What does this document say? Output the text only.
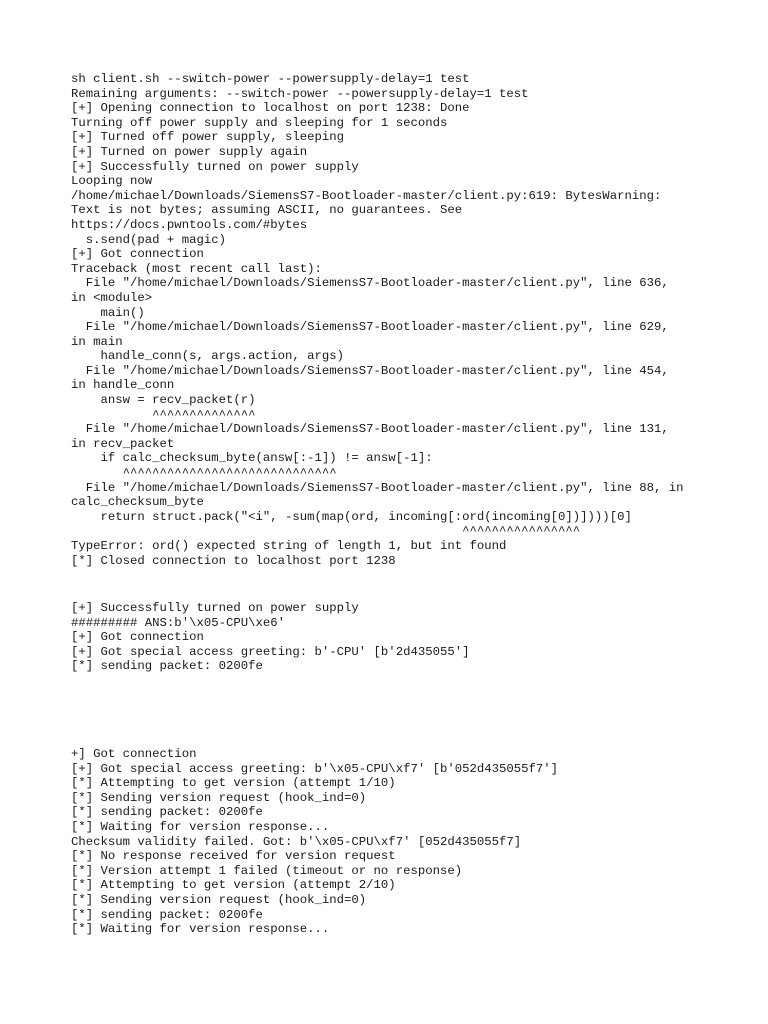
sh client.sh --switch-power --powersupply-delay=1 test
Remaining arguments: --switch-power --powersupply-delay=1 test
[+] Opening connection to localhost on port 1238: Done
Turning off power supply and sleeping for 1 seconds
[+] Turned off power supply, sleeping
[+] Turned on power supply again
[+] Successfully turned on power supply
Looping now
/home/michael/Downloads/SiemensS7-Bootloader-master/client.py:619: BytesWarning:
Text is not bytes; assuming ASCII, no guarantees. See
https://docs.pwntools.com/#bytes
s.send(pad + magic)
[+] Got connection
Traceback (most recent call last):
File "/home/michael/Downloads/SiemensS7-Bootloader-master/client.py", line 636,
in <module>
main()
File "/home/michael/Downloads/SiemensS7-Bootloader-master/client.py", line 629,
in main
handle_conn(s, args.action, args)
File "/home/michael/Downloads/SiemensS7-Bootloader-master/client.py", line 454,
in handle_conn
answ = recv_packet(r)
^^^^^^^^^^^^^^
File "/home/michael/Downloads/SiemensS7-Bootloader-master/client.py", line 131,
in recv_packet
if calc_checksum_byte(answ[:-1]) != answ[-1]:
^^^^^^^^^^^^^^^^^^^^^^^^^^^^^
File "/home/michael/Downloads/SiemensS7-Bootloader-master/client.py", line 88, in
calc_checksum_byte
return struct.pack("<i", -sum(map(ord, incoming[:ord(incoming[0])])))[0]
^^^^^^^^^^^^^^^^
TypeError: ord() expected string of length 1, but int found
[*] Closed connection to localhost port 1238
[+] Successfully turned on power supply
######### ANS:b'\x05-CPU\xe6'
[+] Got connection
[+] Got special access greeting: b'-CPU' [b'2d435055']
[*] sending packet: 0200fe
+] Got connection
[+] Got special access greeting: b'\x05-CPU\xf7' [b'052d435055f7']
[*] Attempting to get version (attempt 1/10)
[*] Sending version request (hook_ind=0)
[*] sending packet: 0200fe
[*] Waiting for version response...
Checksum validity failed. Got: b'\x05-CPU\xf7' [052d435055f7]
[*] No response received for version request
[*] Version attempt 1 failed (timeout or no response)
[*] Attempting to get version (attempt 2/10)
[*] Sending version request (hook_ind=0)
[*] sending packet: 0200fe
[*] Waiting for version response...
